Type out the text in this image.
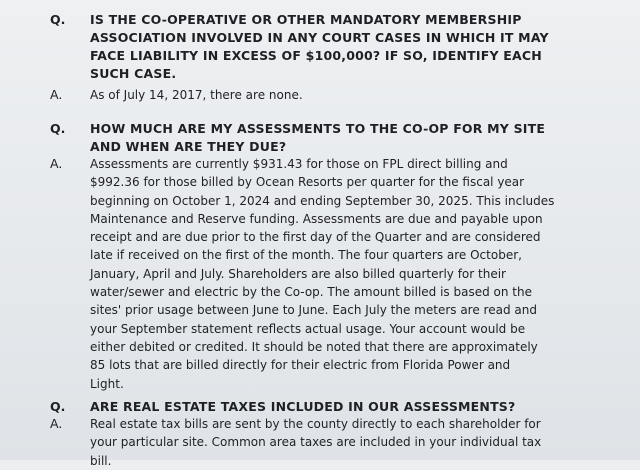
Q. IS THE CO-OPERATIVE OR OTHER MANDATORY MEMBERSHIP
ASSOCIATION INVOLVED IN ANY COURT CASES IN WHICH IT MAY
FACE LIABILITY IN EXCESS OF $100,000? IF SO, IDENTIFY EACH
SUCH CASE.
A. As of July 14, 2017, there are none.
Q. HOW MUCH ARE MY ASSESSMENTS TO THE CO-OP FOR MY SITE
AND WHEN ARE THEY DUE?
A. Assessments are currently $931.43 for those on FPL direct billing and
$992.36 for those billed by Ocean Resorts per quarter for the fiscal year
beginning on October 1, 2024 and ending September 30, 2025. This includes
Maintenance and Reserve funding. Assessments are due and payable upon
receipt and are due prior to the first day of the Quarter and are considered
late if received on the first of the month. The four quarters are October,
January, April and July. Shareholders are also billed quarterly for their
water/sewer and electric by the Co-op. The amount billed is based on the
sites' prior usage between June to June. Each July the meters are read and
your September statement reflects actual usage. Your account would be
either debited or credited. It should be noted that there are approximately
85 lots that are billed directly for their electric from Florida Power and
Light.
Q. ARE REAL ESTATE TAXES INCLUDED IN OUR ASSESSMENTS?
A. Real estate tax bills are sent by the county directly to each shareholder for
your particular site. Common area taxes are included in your individual tax
bill.
